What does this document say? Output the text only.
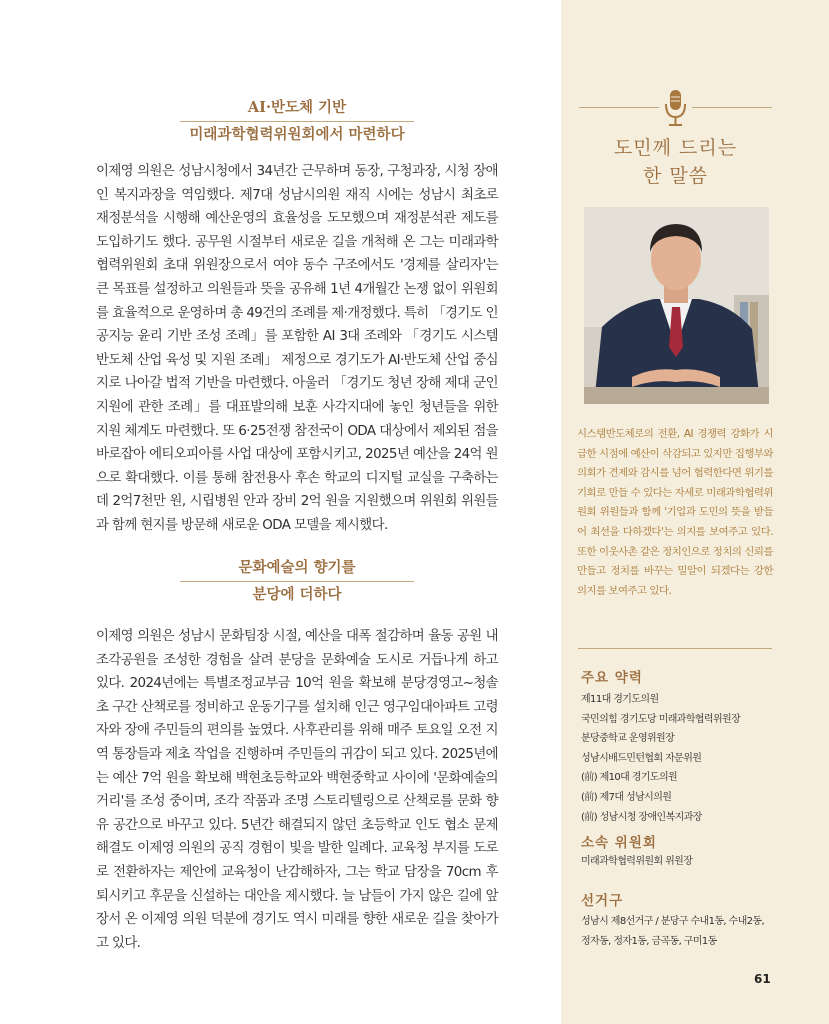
AI·반도체 기반
미래과학협력위원회에서 마련하다

이제영 의원은 성남시청에서 34년간 근무하며 동장, 구청과장, 시청 장애인 복지과장을 역임했다. 제7대 성남시의원 재직 시에는 성남시 최초로 재정분석을 시행해 예산운영의 효율성을 도모했으며 재정분석관 제도를 도입하기도 했다. 공무원 시절부터 새로운 길을 개척해 온 그는 미래과학협력위원회 초대 위원장으로서 여야 동수 구조에서도 '경제를 살리자'는 큰 목표를 설정하고 의원들과 뜻을 공유해 1년 4개월간 논쟁 없이 위원회를 효율적으로 운영하며 총 49건의 조례를 제·개정했다. 특히 「경기도 인공지능 윤리 기반 조성 조례」를 포함한 AI 3대 조례와 「경기도 시스템반도체 산업 육성 및 지원 조례」 제정으로 경기도가 AI·반도체 산업 중심지로 나아갈 법적 기반을 마련했다. 아울러 「경기도 청년 장해 제대 군인 지원에 관한 조례」를 대표발의해 보훈 사각지대에 놓인 청년들을 위한 지원 체계도 마련했다. 또 6·25전쟁 참전국이 ODA 대상에서 제외된 점을 바로잡아 에티오피아를 사업 대상에 포함시키고, 2025년 예산을 24억 원으로 확대했다. 이를 통해 참전용사 후손 학교의 디지털 교실을 구축하는데 2억7천만 원, 시립병원 안과 장비 2억 원을 지원했으며 위원회 위원들과 함께 현지를 방문해 새로운 ODA 모델을 제시했다.

문화예술의 향기를
분당에 더하다

이제영 의원은 성남시 문화팀장 시절, 예산을 대폭 절감하며 율동 공원 내 조각공원을 조성한 경험을 살려 분당을 문화예술 도시로 거듭나게 하고 있다. 2024년에는 특별조정교부금 10억 원을 확보해 분당경영고~청솔초 구간 산책로를 정비하고 운동기구를 설치해 인근 영구임대아파트 고령자와 장애 주민들의 편의를 높였다. 사후관리를 위해 매주 토요일 오전 지역 통장들과 제초 작업을 진행하며 주민들의 귀감이 되고 있다. 2025년에는 예산 7억 원을 확보해 백현초등학교와 백현중학교 사이에 '문화예술의 거리'를 조성 중이며, 조각 작품과 조명 스토리텔링으로 산책로를 문화 향유 공간으로 바꾸고 있다. 5년간 해결되지 않던 초등학교 인도 협소 문제 해결도 이제영 의원의 공직 경험이 빛을 발한 일례다. 교육청 부지를 도로로 전환하자는 제안에 교육청이 난감해하자, 그는 학교 담장을 70cm 후퇴시키고 후문을 신설하는 대안을 제시했다. 늘 남들이 가지 않은 길에 앞장서 온 이제영 의원 덕분에 경기도 역시 미래를 향한 새로운 길을 찾아가고 있다.

도민께 드리는
한 말씀

시스템반도체로의 전환, AI 경쟁력 강화가 시급한 시점에 예산이 삭감되고 있지만 집행부와 의회가 견제와 감시를 넘어 협력한다면 위기를 기회로 만들 수 있다는 자세로 미래과학협력위원회 위원들과 함께 '기업과 도민의 뜻을 받들어 최선을 다하겠다'는 의지를 보여주고 있다. 또한 이웃사촌 같은 정치인으로 정치의 신뢰를 만들고 정치를 바꾸는 밀알이 되겠다는 강한 의지를 보여주고 있다.

주요 약력
제11대 경기도의원
국민의힘 경기도당 미래과학협력위원장
분당중학교 운영위원장
성남시배드민턴협회 자문위원
(前) 제10대 경기도의원
(前) 제7대 성남시의원
(前) 성남시청 장애인복지과장
소속 위원회

미래과학협력위원회 위원장

선거구

성남시 제8선거구 / 분당구 수내1동, 수내2동, 정자동, 정자1동, 금곡동, 구미1동

61
